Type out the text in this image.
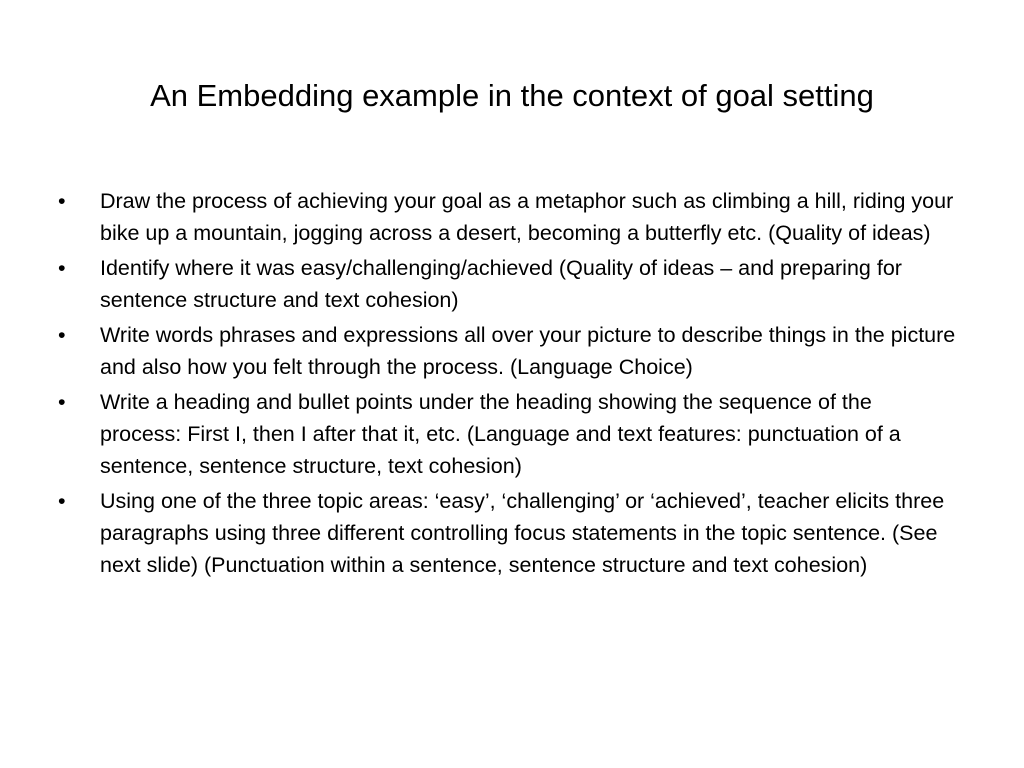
An Embedding example in the context of goal setting
•	Draw the process of achieving your goal as a metaphor such as climbing a hill, riding your bike up a mountain, jogging across a desert, becoming a butterfly etc. (Quality of ideas)
•	Identify where it was easy/challenging/achieved (Quality of ideas – and preparing for sentence structure and text cohesion)
•	Write words phrases and expressions all over your picture to describe things in the picture and also how you felt through the process. (Language Choice)
•	Write a heading and bullet points under the heading showing the sequence of the process: First I, then I after that it, etc. (Language and text features: punctuation of a sentence, sentence structure, text cohesion)
•	Using one of the three topic areas: ‘easy’, ‘challenging’ or ‘achieved’, teacher elicits three paragraphs using three different controlling focus statements in the topic sentence. (See next slide) (Punctuation within a sentence, sentence structure and text cohesion)
